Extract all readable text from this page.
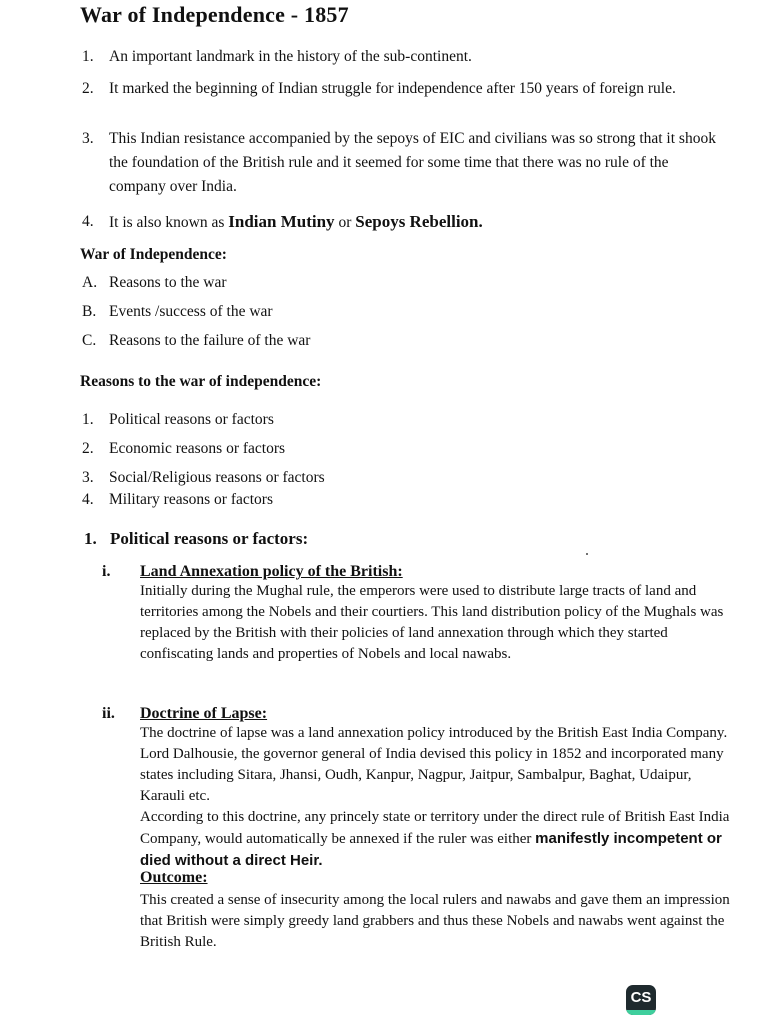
War of Independence - 1857
1. An important landmark in the history of the sub-continent.
2. It marked the beginning of Indian struggle for independence after 150 years of foreign rule.
3. This Indian resistance accompanied by the sepoys of EIC and civilians was so strong that it shook the foundation of the British rule and it seemed for some time that there was no rule of the company over India.
4. It is also known as Indian Mutiny or Sepoys Rebellion.
War of Independence:
A. Reasons to the war
B. Events /success of the war
C. Reasons to the failure of the war
Reasons to the war of independence:
1. Political reasons or factors
2. Economic reasons or factors
3. Social/Religious reasons or factors
4. Military reasons or factors
1. Political reasons or factors:
i. Land Annexation policy of the British:
Initially during the Mughal rule, the emperors were used to distribute large tracts of land and territories among the Nobels and their courtiers. This land distribution policy of the Mughals was replaced by the British with their policies of land annexation through which they started confiscating lands and properties of Nobels and local nawabs.
ii. Doctrine of Lapse:
The doctrine of lapse was a land annexation policy introduced by the British East India Company. Lord Dalhousie, the governor general of India devised this policy in 1852 and incorporated many states including Sitara, Jhansi, Oudh, Kanpur, Nagpur, Jaitpur, Sambalpur, Baghat, Udaipur, Karauli etc.
According to this doctrine, any princely state or territory under the direct rule of British East India Company, would automatically be annexed if the ruler was either manifestly incompetent or died without a direct Heir.
Outcome:
This created a sense of insecurity among the local rulers and nawabs and gave them an impression that British were simply greedy land grabbers and thus these Nobels and nawabs went against the British Rule.
CS
